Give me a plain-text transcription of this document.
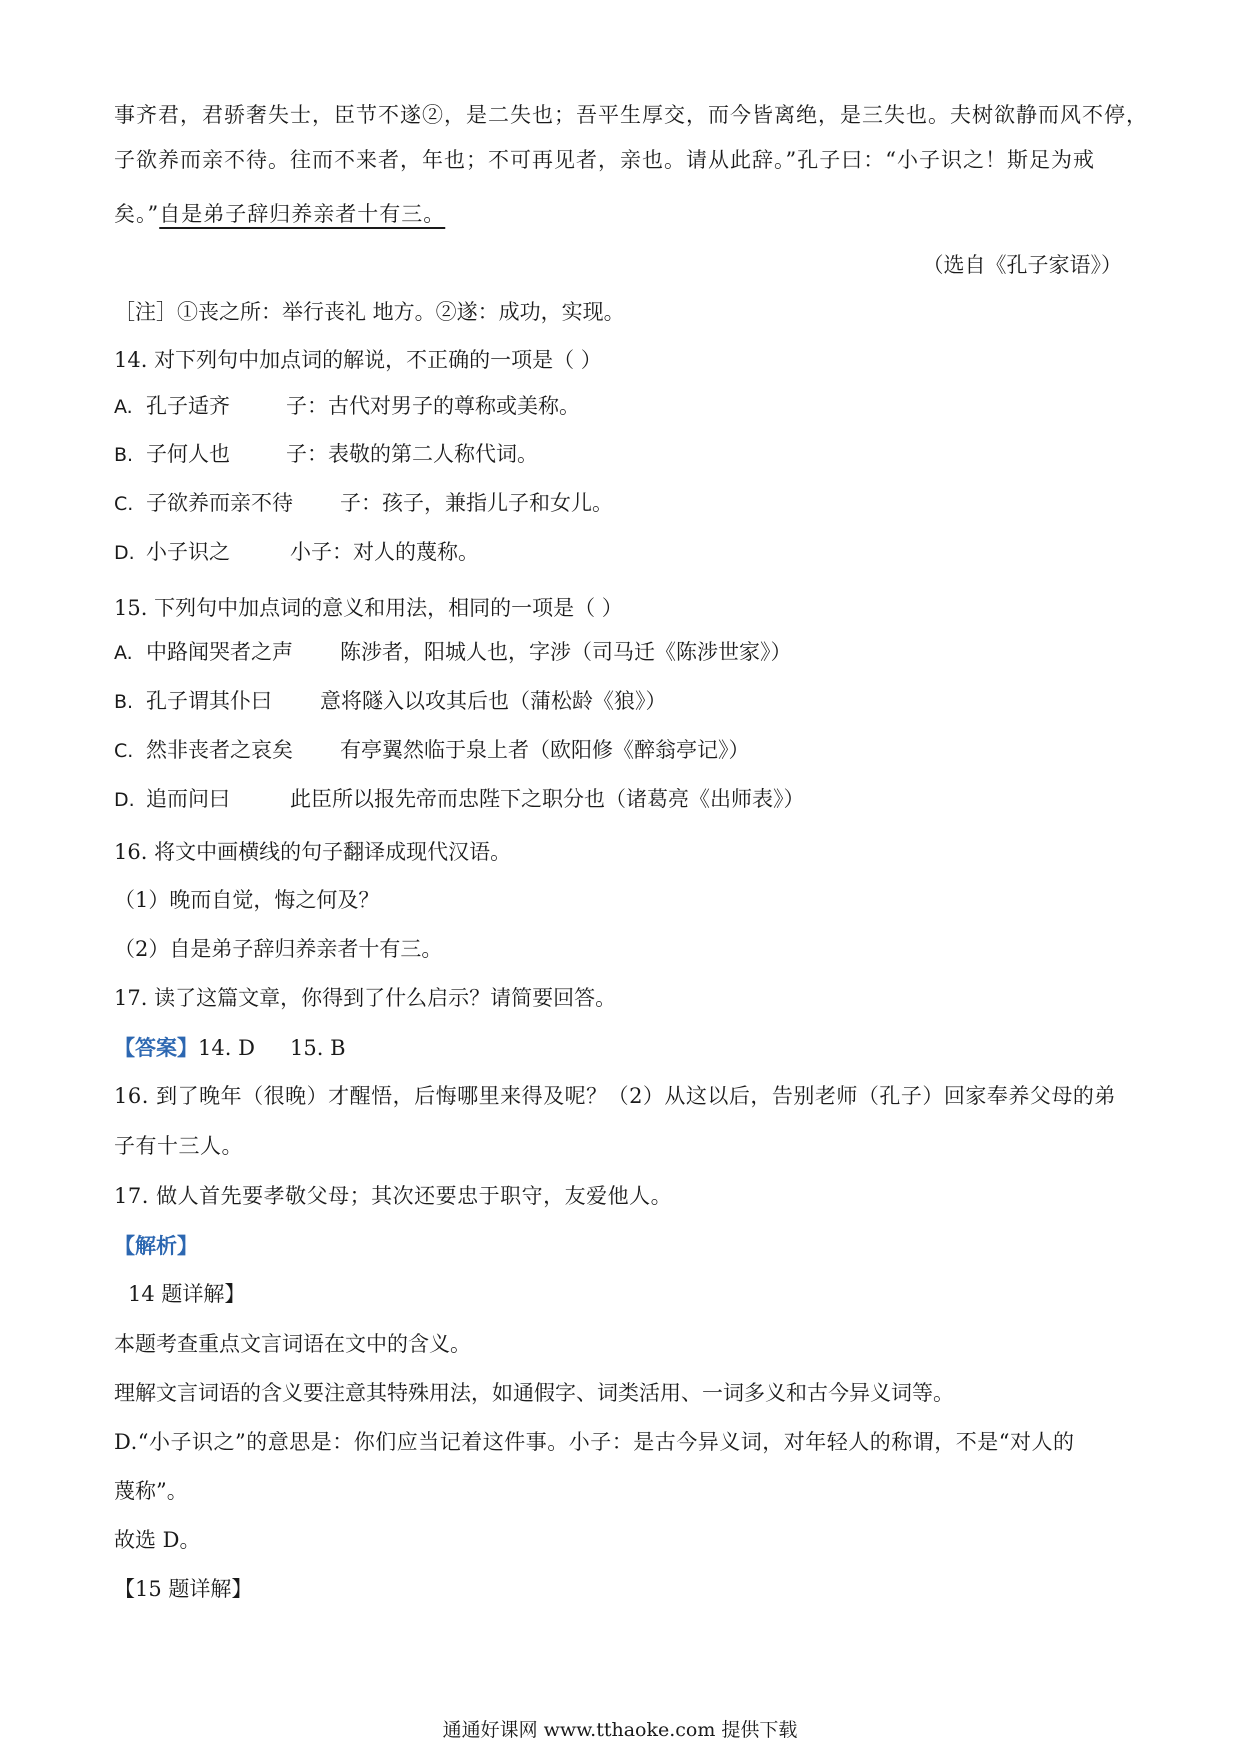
事齐君，君骄奢失士，臣节不遂②，是二失也；吾平生厚交，而今皆离绝，是三失也。夫树欲静而风不停，
子欲养而亲不待。往而不来者，年也；不可再见者，亲也。请从此辞。”孔子曰：“小子识之！斯足为戒
矣。”自是弟子辞归养亲者十有三。
（选自《孔子家语》）
［注］①丧之所：举行丧礼 地方。②遂：成功，实现。
14. 对下列句中加点词的解说，不正确的一项是（ ）
A. 孔子适齐	子：古代对男子的尊称或美称。
B. 子何人也	子：表敬的第二人称代词。
C. 子欲养而亲不待 子：孩子，兼指儿子和女儿。
D. 小子识之	小子：对人的蔑称。
15. 下列句中加点词的意义和用法，相同的一项是（ ）
A. 中路闻哭者之声 陈涉者，阳城人也，字涉（司马迁《陈涉世家》）
B. 孔子谓其仆曰 意将隧入以攻其后也（蒲松龄《狼》）
C. 然非丧者之哀矣 有亭翼然临于泉上者（欧阳修《醉翁亭记》）
D. 追而问曰	此臣所以报先帝而忠陛下之职分也（诸葛亮《出师表》）
16. 将文中画横线的句子翻译成现代汉语。
（1）晚而自觉，悔之何及？
（2）自是弟子辞归养亲者十有三。
17. 读了这篇文章，你得到了什么启示？请简要回答。
【答案】14. D 15. B
16. 到了晚年（很晚）才醒悟，后悔哪里来得及呢？（2）从这以后，告别老师（孔子）回家奉养父母的弟
子有十三人。
17. 做人首先要孝敬父母；其次还要忠于职守，友爱他人。
【解析】
14 题详解】
本题考查重点文言词语在文中的含义。
理解文言词语的含义要注意其特殊用法，如通假字、词类活用、一词多义和古今异义词等。
D.“小子识之”的意思是：你们应当记着这件事。小子：是古今异义词，对年轻人的称谓，不是“对人的
蔑称”。
故选 D。
【15 题详解】
通通好课网 www.tthaoke.com 提供下载
